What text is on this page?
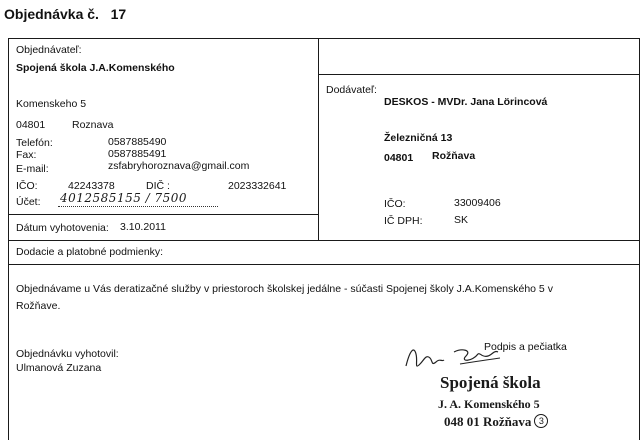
Objednávka č. 17
Objednávateľ:
Spojená škola J.A.Komenského
Komenskeho 5
04801	Roznava
Telefón:	0587885490
Fax:	0587885491
E-mail:	zsfabryhoroznava@gmail.com
IČO:	42243378	DIČ :	2023332641
Účet: 4012585155 / 7500
Dátum vyhotovenia: 3.10.2011
Dodávateľ:
DESKOS - MVDr. Jana Lörincová
Železničná 13
04801 Rožňava
IČO:	33009406
IČ DPH:	SK
Dodacie a platobné podmienky:
Objednávame u Vás deratizačné služby v priestoroch školskej jedálne - súčasti Spojenej školy J.A.Komenského 5 v
Rožňave.
Objednávku vyhotovil:
Ulmanová Zuzana
Podpis a pečiatka
Spojená škola
J. A. Komenského 5
048 01 Rožňava 3
